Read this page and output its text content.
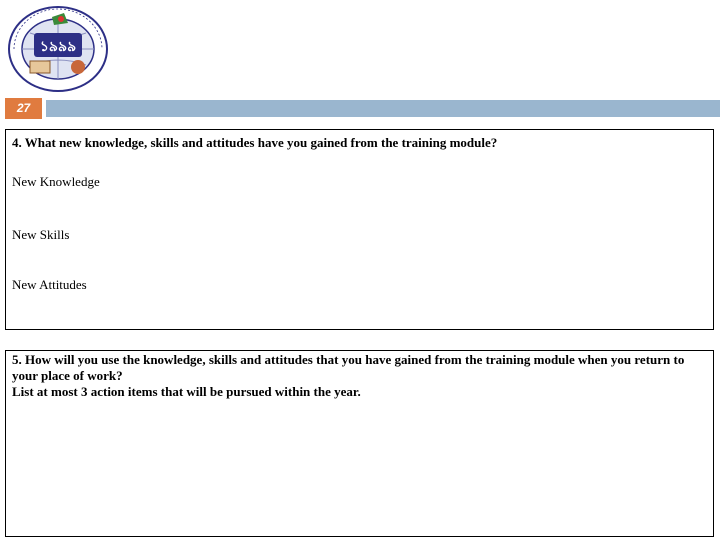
১৯৯৯
27
4. What new knowledge, skills and attitudes have you gained from the training module?
New Knowledge
New Skills
New Attitudes
5. How will you use the knowledge, skills and attitudes that you have gained from the training module when you return to your place of work?
List at most 3 action items that will be pursued within the year.
